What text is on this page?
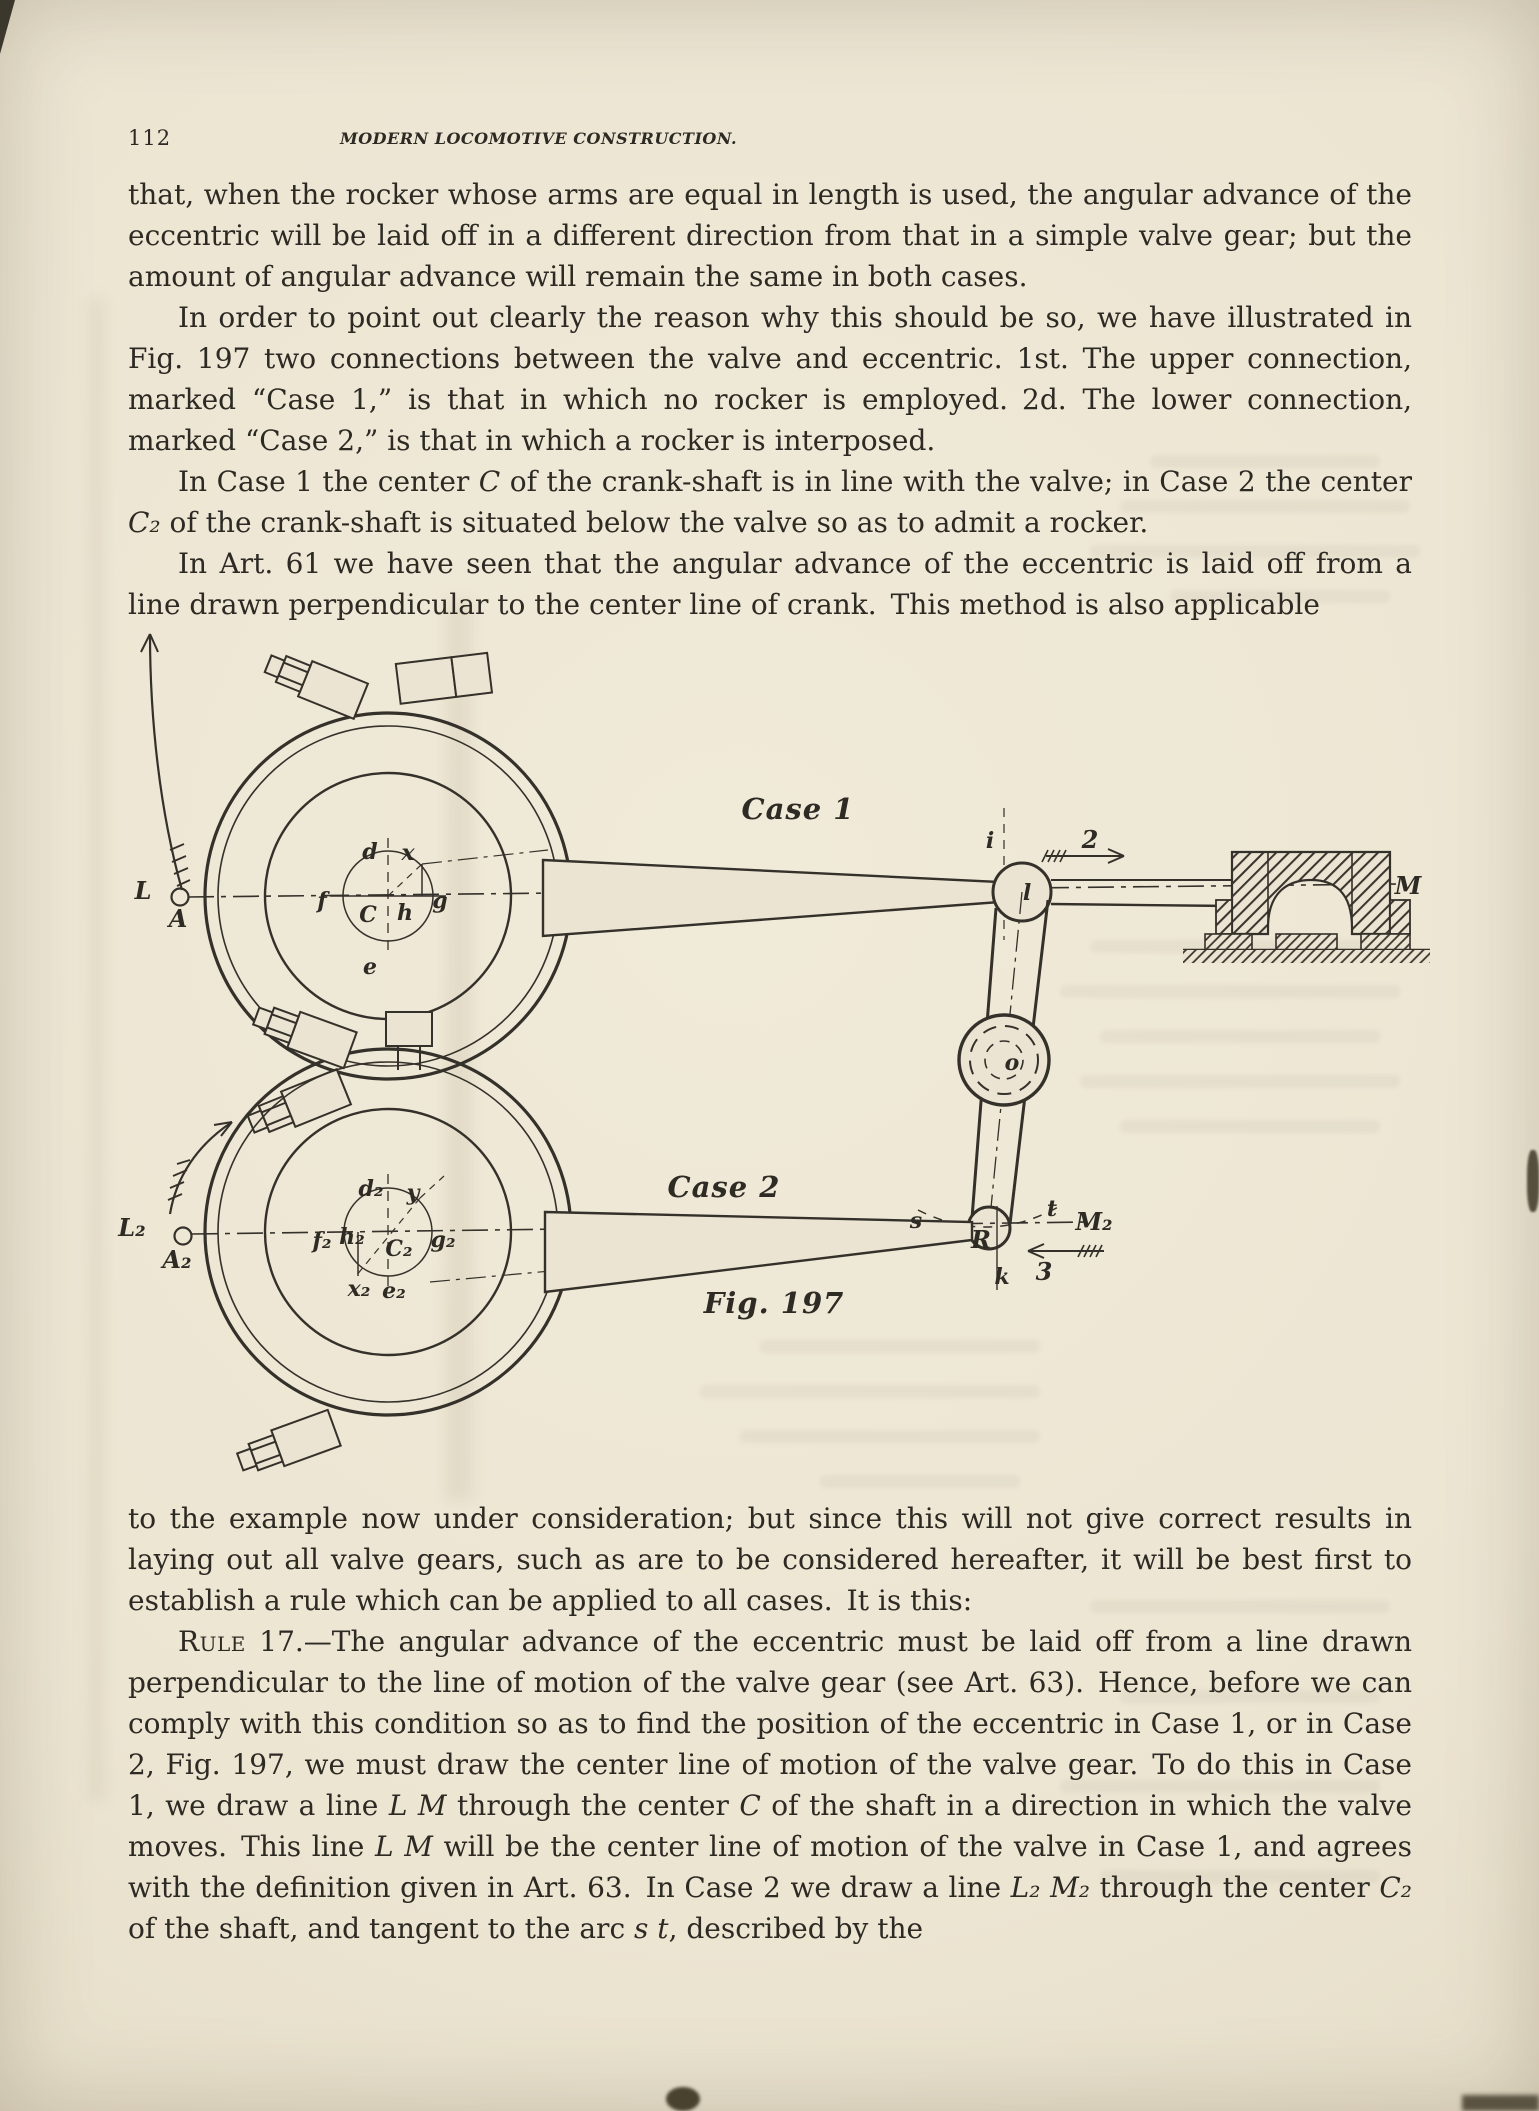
112	MODERN LOCOMOTIVE CONSTRUCTION.

that, when the rocker whose arms are equal in length is used, the angular advance of the eccentric will be laid off in a different direction from that in a simple valve gear; but the amount of angular advance will remain the same in both cases.

In order to point out clearly the reason why this should be so, we have illustrated in Fig. 197 two connections between the valve and eccentric. 1st. The upper connection, marked “Case 1,” is that in which no rocker is employed. 2d. The lower connection, marked “Case 2,” is that in which a rocker is interposed.

In Case 1 the center C of the crank-shaft is in line with the valve; in Case 2 the center C₂ of the crank-shaft is situated below the valve so as to admit a rocker.

In Art. 61 we have seen that the angular advance of the eccentric is laid off from a line drawn perpendicular to the center line of crank. This method is also applicable

L
A
d x
f
C h g
e
i
l
2
M
o
s
R
t M₂
k 3
L₂
A₂
d₂ y
f₂ h₂ C₂ g₂
x₂ e₂
Case 1
Case 2
Fig. 197

to the example now under consideration; but since this will not give correct results in laying out all valve gears, such as are to be considered hereafter, it will be best first to establish a rule which can be applied to all cases. It is this:

Rule 17.—The angular advance of the eccentric must be laid off from a line drawn perpendicular to the line of motion of the valve gear (see Art. 63). Hence, before we can comply with this condition so as to find the position of the eccentric in Case 1, or in Case 2, Fig. 197, we must draw the center line of motion of the valve gear. To do this in Case 1, we draw a line L M through the center C of the shaft in a direction in which the valve moves. This line L M will be the center line of motion of the valve in Case 1, and agrees with the definition given in Art. 63. In Case 2 we draw a line L₂ M₂ through the center C₂ of the shaft, and tangent to the arc s t, described by the
